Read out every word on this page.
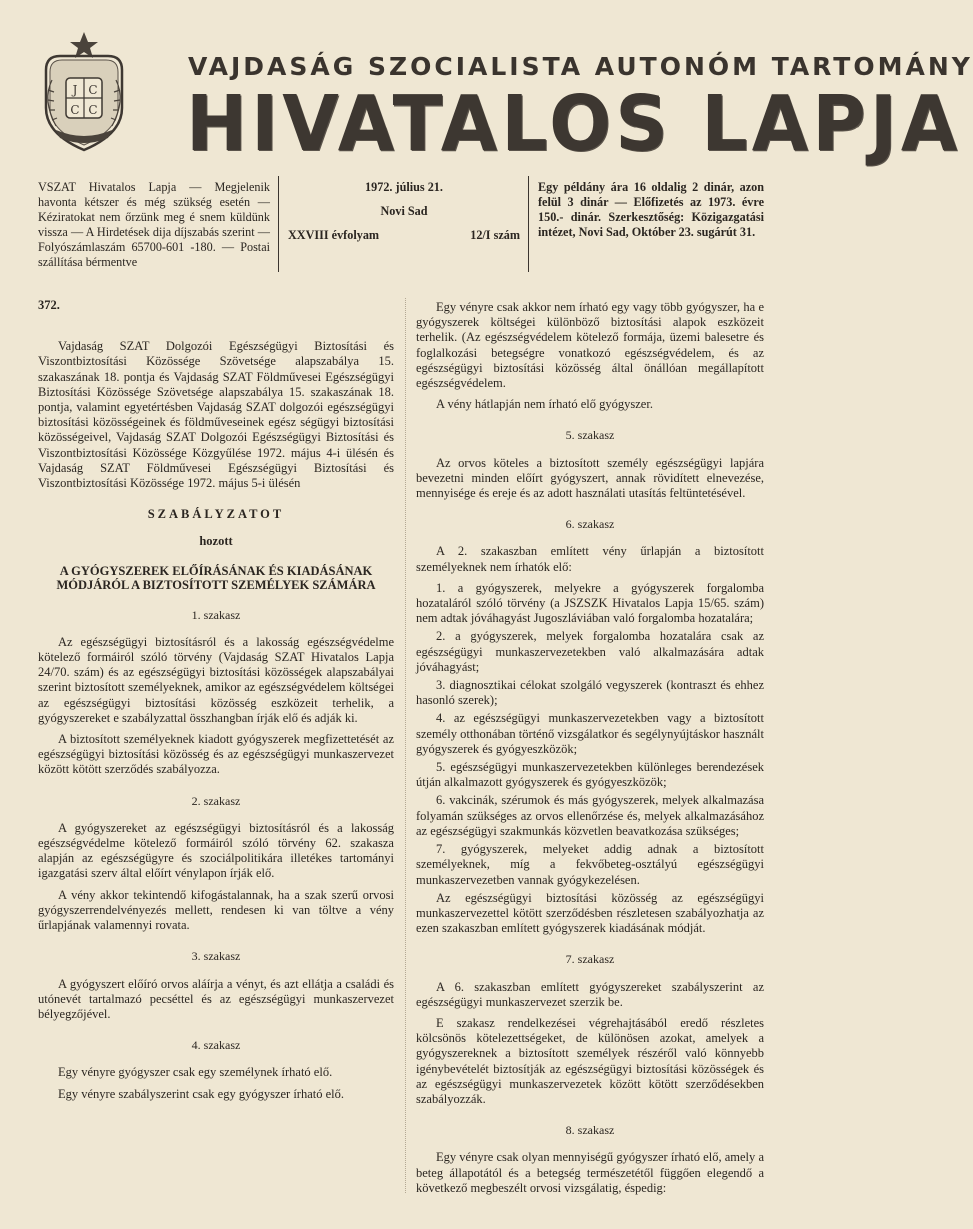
J C
C C
VAJDASÁG SZOCIALISTA AUTONÓM TARTOMÁNY
HIVATALOS LAPJA
VSZAT Hivatalos Lapja — Megjelenik havonta kétszer és még szükség esetén — Kéziratokat nem őrzünk meg é snem küldünk vissza — A Hirdetések dija díjszabás szerint — Folyószámlaszám 65700-601 -180. — Postai szállítása bérmentve
1972. július 21.
Novi Sad
XXVIII évfolyam	12/I szám
Egy példány ára 16 oldalig 2 dinár, azon felül 3 dinár — Előfizetés az 1973. évre 150.- dinár. Szerkesztőség: Közigazgatási intézet, Novi Sad, Október 23. sugárút 31.

372.

Vajdaság SZAT Dolgozói Egészségügyi Biztosítási és Viszontbiztosítási Közössége Szövetsége alapszabálya 15. szakaszának 18. pontja és Vajdaság SZAT Földművesei Egészségügyi Biztosítási Közössége Szövetsége alapszabálya 15. szakaszának 18. pontja, valamint egyetértésben Vajdaság SZAT dolgozói egészségügyi biztosítási közösségeinek és földműveseinek egész ségügyi biztosítási közösségeivel, Vajdaság SZAT Dolgozói Egészségügyi Biztosítási és Viszontbiztosítási Közössége Közgyűlése 1972. május 4-i ülésén és Vajdaság SZAT Földművesei Egészségügyi Biztosítási és Viszontbiztosítási Közössége 1972. május 5-i ülésén

SZABÁLYZATOT
hozott
A GYÓGYSZEREK ELŐÍRÁSÁNAK ÉS KIADÁSÁNAK MÓDJÁRÓL A BIZTOSÍTOTT SZEMÉLYEK SZÁMÁRA
1. szakasz

Az egészségügyi biztosításról és a lakosság egészségvédelme kötelező formáiról szóló törvény (Vajdaság SZAT Hivatalos Lapja 24/70. szám) és az egészségügyi biztosítási közösségek alapszabályai szerint biztosított személyeknek, amikor az egészségvédelem költségei az egészségügyi biztosítási közösség eszközeit terhelik, a gyógyszereket e szabályzattal összhangban írják elő és adják ki.

A biztosított személyeknek kiadott gyógyszerek megfizettetését az egészségügyi biztosítási közösség és az egészségügyi munkaszervezet között kötött szerződés szabályozza.

2. szakasz

A gyógyszereket az egészségügyi biztosításról és a lakosság egészségvédelme kötelező formáiról szóló törvény 62. szakasza alapján az egészségügyre és szociálpolitikára illetékes tartományi igazgatási szerv által előírt vénylapon írják elő.

A vény akkor tekintendő kifogástalannak, ha a szak szerű orvosi gyógyszerrendelvényezés mellett, rendesen ki van töltve a vény űrlapjának valamennyi rovata.

3. szakasz

A gyógyszert előíró orvos aláírja a vényt, és azt ellátja a családi és utónevét tartalmazó pecséttel és az egészségügyi munkaszervezet bélyegzőjével.

4. szakasz

Egy vényre gyógyszer csak egy személynek írható elő.

Egy vényre szabályszerint csak egy gyógyszer írható elő.

Egy vényre csak akkor nem írható egy vagy több gyógyszer, ha e gyógyszerek költségei különböző biztosítási alapok eszközeit terhelik. (Az egészségvédelem kötelező formája, üzemi balesetre és foglalkozási betegségre vonatkozó egészségvédelem, és az egészségügyi biztosítási közösség által önállóan megállapított egészségvédelem.

A vény hátlapján nem írható elő gyógyszer.

5. szakasz

Az orvos köteles a biztosított személy egészségügyi lapjára bevezetni minden előírt gyógyszert, annak rövidített elnevezése, mennyisége és ereje és az adott használati utasítás feltüntetésével.

6. szakasz

A 2. szakaszban említett vény űrlapján a biztosított személyeknek nem írhatók elő:

1. a gyógyszerek, melyekre a gyógyszerek forgalomba hozataláról szóló törvény (a JSZSZK Hivatalos Lapja 15/65. szám) nem adtak jóváhagyást Jugoszláviában való forgalomba hozatalára;

2. a gyógyszerek, melyek forgalomba hozatalára csak az egészségügyi munkaszervezetekben való alkalmazására adtak jóváhagyást;

3. diagnosztikai célokat szolgáló vegyszerek (kontraszt és ehhez hasonló szerek);

4. az egészségügyi munkaszervezetekben vagy a biztosított személy otthonában történő vizsgálatkor és segélynyújtáskor használt gyógyszerek és gyógyeszközök;

5. egészségügyi munkaszervezetekben különleges berendezések útján alkalmazott gyógyszerek és gyógyeszközök;

6. vakcinák, szérumok és más gyógyszerek, melyek alkalmazása folyamán szükséges az orvos ellenőrzése és, melyek alkalmazásához az egészségügyi szakmunkás közvetlen beavatkozása szükséges;

7. gyógyszerek, melyeket addig adnak a biztosított személyeknek, míg a fekvőbeteg-osztályú egészségügyi munkaszervezetben vannak gyógykezelésen.

Az egészségügyi biztosítási közösség az egészségügyi munkaszervezettel kötött szerződésben részletesen szabályozhatja az ezen szakaszban említett gyógyszerek kiadásának módját.

7. szakasz

A 6. szakaszban említett gyógyszereket szabályszerint az egészségügyi munkaszervezet szerzik be.

E szakasz rendelkezései végrehajtásából eredő részletes kölcsönös kötelezettségeket, de különösen azokat, amelyek a gyógyszereknek a biztosított személyek részéről való könnyebb igénybevételét biztosítják az egészségügyi biztosítási közösségek és az egészségügyi munkaszervezetek között kötött szerződésekben szabályozzák.

8. szakasz

Egy vényre csak olyan mennyiségű gyógyszer írható elő, amely a beteg állapotától és a betegség természetétől függően elegendő a következő megbeszélt orvosi vizsgálatig, éspedig:
